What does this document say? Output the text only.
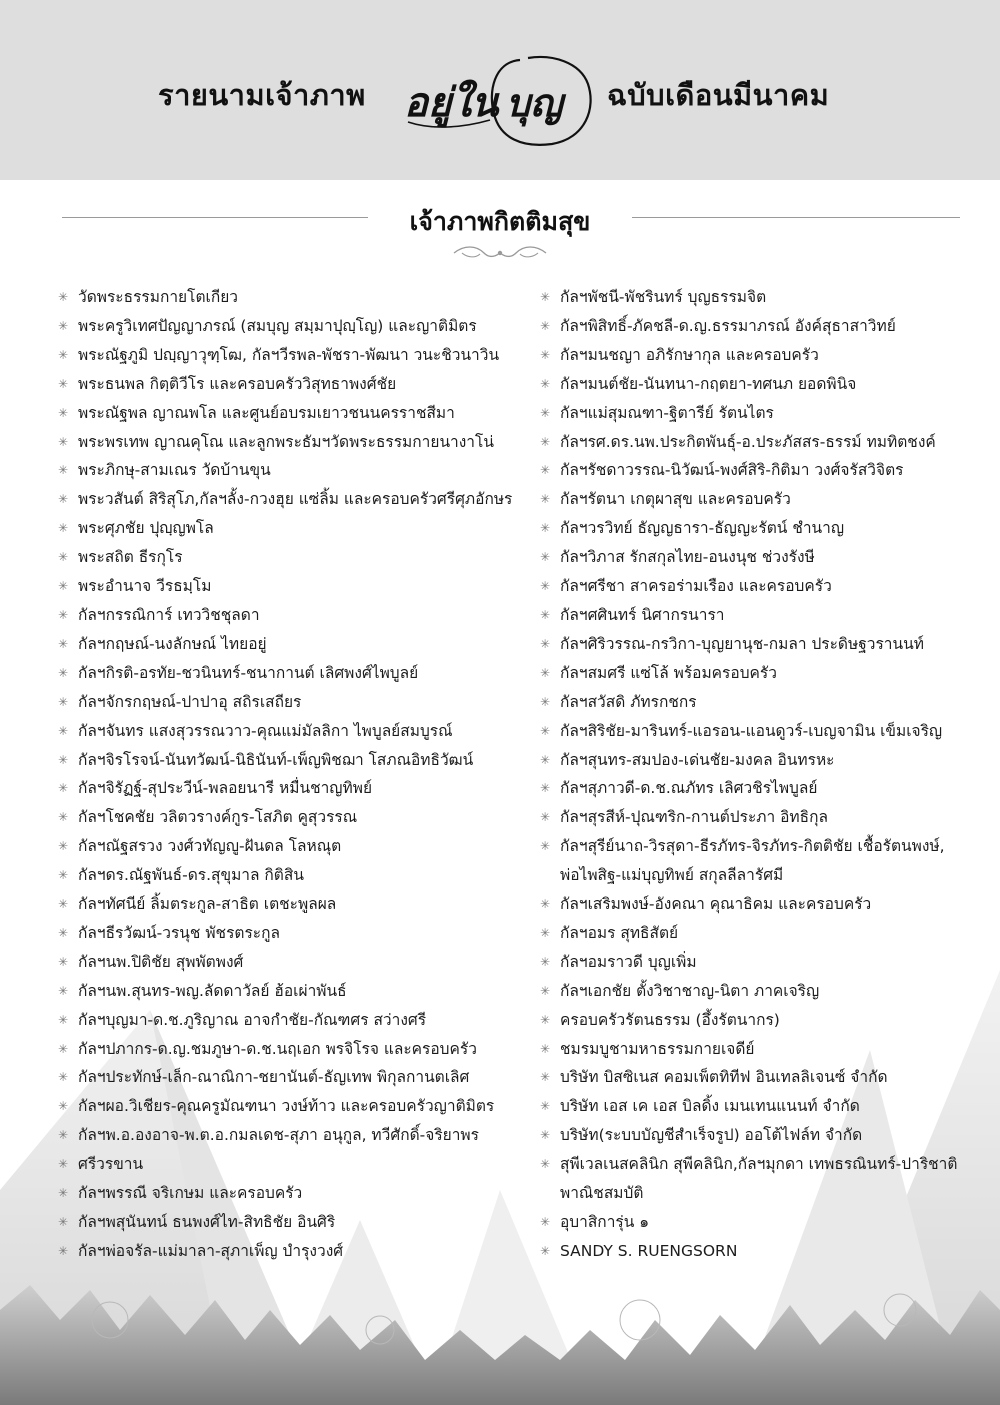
รายนามเจ้าภาพ อยู่ใน บุญ ฉบับเดือนมีนาคม
เจ้าภาพกิตติมสุข
✳ วัดพระธรรมกายโตเกียว
✳ พระครูวิเทศปัญญาภรณ์ (สมบุญ สมฺมาปุญฺโญ) และญาติมิตร
✳ พระณัฐภูมิ ปญฺญาวุฑฺโฒ, กัลฯวีรพล-พัชรา-พัฒนา วนะชิวนาวิน
✳ พระธนพล กิตฺติวีโร และครอบครัววิสุทธาพงศ์ชัย
✳ พระณัฐพล ญาณพโล และศูนย์อบรมเยาวชนนครราชสีมา
✳ พระพรเทพ ญาณคุโณ และลูกพระธัมฯวัดพระธรรมกายนางาโน่
✳ พระภิกษุ-สามเณร วัดบ้านขุน
✳ พระวสันต์ สิริสุโภ,กัลฯลั้ง-กวงฮุย แซ่ลิ้ม และครอบครัวศรีศุภอักษร
✳ พระศุภชัย ปุญฺญพโล
✳ พระสถิต ธีรกุโร
✳ พระอำนาจ วีรธมฺโม
✳ กัลฯกรรณิการ์ เทววิชชุลดา
✳ กัลฯกฤษณ์-นงลักษณ์ ไทยอยู่
✳ กัลฯกิรติ-อรทัย-ชวนินทร์-ชนากานต์ เลิศพงศ์ไพบูลย์
✳ กัลฯจักรกฤษณ์-ปาปาอุ สถิรเสถียร
✳ กัลฯจันทร แสงสุวรรณวาว-คุณแม่มัลลิกา ไพบูลย์สมบูรณ์
✳ กัลฯจิรโรจน์-นันทวัฒน์-นิธินันท์-เพ็ญพิชฌา โสภณอิทธิวัฒน์
✳ กัลฯจิรัฏฐ์-สุประวีน์-พลอยนารี หมื่นชาญทิพย์
✳ กัลฯโชคชัย วลิตวรางค์กูร-โสภิต คูสุวรรณ
✳ กัลฯณัฐสรวง วงศ์วทัญญู-ฝันดล โลหณุต
✳ กัลฯดร.ณัฐพันธ์-ดร.สุขุมาล กิติสิน
✳ กัลฯทัศนีย์ ลิ้มตระกูล-สาธิต เตชะพูลผล
✳ กัลฯธีรวัฒน์-วรนุช พัชรตระกูล
✳ กัลฯนพ.ปิติชัย สุพพัตพงศ์
✳ กัลฯนพ.สุนทร-พญ.ลัดดาวัลย์ ฮ้อเผ่าพันธ์
✳ กัลฯบุญมา-ด.ช.ภูริญาณ อาจกำชัย-กัณฑศร สว่างศรี
✳ กัลฯปภากร-ด.ญ.ชมภูษา-ด.ช.นฤเอก พรจิโรจ และครอบครัว
✳ กัลฯประทักษ์-เล็ก-ณาณิกา-ชยานันต์-ธัญเทพ พิกุลกานตเลิศ
✳ กัลฯผอ.วิเชียร-คุณครูมัณฑนา วงษ์ท้าว และครอบครัวญาติมิตร
✳ กัลฯพ.อ.องอาจ-พ.ต.อ.กมลเดช-สุภา อนุกูล, ทวีศักดิ์-จริยาพร
✳ ศรีวรขาน
✳ กัลฯพรรณี จริเกษม และครอบครัว
✳ กัลฯพสุนันทน์ ธนพงศ์ไท-สิทธิชัย อินศิริ
✳ กัลฯพ่อจรัล-แม่มาลา-สุภาเพ็ญ บำรุงวงศ์
✳ กัลฯพัชนี-พัชรินทร์ บุญธรรมจิต
✳ กัลฯพิสิทธิ์-ภัคชลี-ด.ญ.ธรรมาภรณ์ อังค์สุธาสาวิทย์
✳ กัลฯมนชญา อภิรักษากุล และครอบครัว
✳ กัลฯมนต์ชัย-นันทนา-กฤตยา-ทศนภ ยอดพินิจ
✳ กัลฯแม่สุมณฑา-ฐิตารีย์ รัตนไตร
✳ กัลฯรศ.ดร.นพ.ประกิตพันธุ์-อ.ประภัสสร-ธรรม์ ทมทิตชงค์
✳ กัลฯรัชดาวรรณ-นิวัฒน์-พงศ์สิริ-กิติมา วงศ์จรัสวิจิตร
✳ กัลฯรัตนา เกตุผาสุข และครอบครัว
✳ กัลฯวรวิทย์ ธัญญธารา-ธัญญะรัตน์ ชำนาญ
✳ กัลฯวิภาส รักสกุลไทย-อนงนุช ช่วงรังษี
✳ กัลฯศรีชา สาครอร่ามเรือง และครอบครัว
✳ กัลฯศศินทร์ นิศากรนารา
✳ กัลฯศิริวรรณ-กรวิกา-บุญยานุช-กมลา ประดิษฐวรานนท์
✳ กัลฯสมศรี แซ่โล้ พร้อมครอบครัว
✳ กัลฯสวัสดิ ภัทรกชกร
✳ กัลฯสิริชัย-มารินทร์-แอรอน-แอนดูวร์-เบญจามิน เข็มเจริญ
✳ กัลฯสุนทร-สมปอง-เด่นชัย-มงคล อินทรหะ
✳ กัลฯสุภาวดี-ด.ช.ณภัทร เลิศวชิรไพบูลย์
✳ กัลฯสุรสีห์-ปุณฑริก-กานต์ประภา อิทธิกุล
✳ กัลฯสุรีย์นาถ-วิรสุดา-ธีรภัทร-จิรภัทร-กิตติชัย เชื้อรัตนพงษ์,
พ่อไพสิฐ-แม่บุญทิพย์ สกุลลีลารัศมี
✳ กัลฯเสริมพงษ์-อังคณา คุณาธิคม และครอบครัว
✳ กัลฯอมร สุทธิสัตย์
✳ กัลฯอมราวดี บุญเพิ่ม
✳ กัลฯเอกชัย ตั้งวิชาชาญ-นิตา ภาคเจริญ
✳ ครอบครัวรัตนธรรม (อึ้งรัตนากร)
✳ ชมรมบูชามหาธรรมกายเจดีย์
✳ บริษัท บิสซิเนส คอมเพ็ตทิทีฟ อินเทลลิเจนซ์ จำกัด
✳ บริษัท เอส เค เอส บิลดิ้ง เมนเทนแนนท์ จำกัด
✳ บริษัท(ระบบบัญชีสำเร็จรูป) ออโต้ไฟล์ท จำกัด
✳ สุพีเวลเนสคลินิก สุพีคลินิก,กัลฯมุกดา เทพธรณินทร์-ปาริชาติ พาณิชสมบัติ
✳ อุบาสิการุ่น ๑
✳ SANDY S. RUENGSORN
